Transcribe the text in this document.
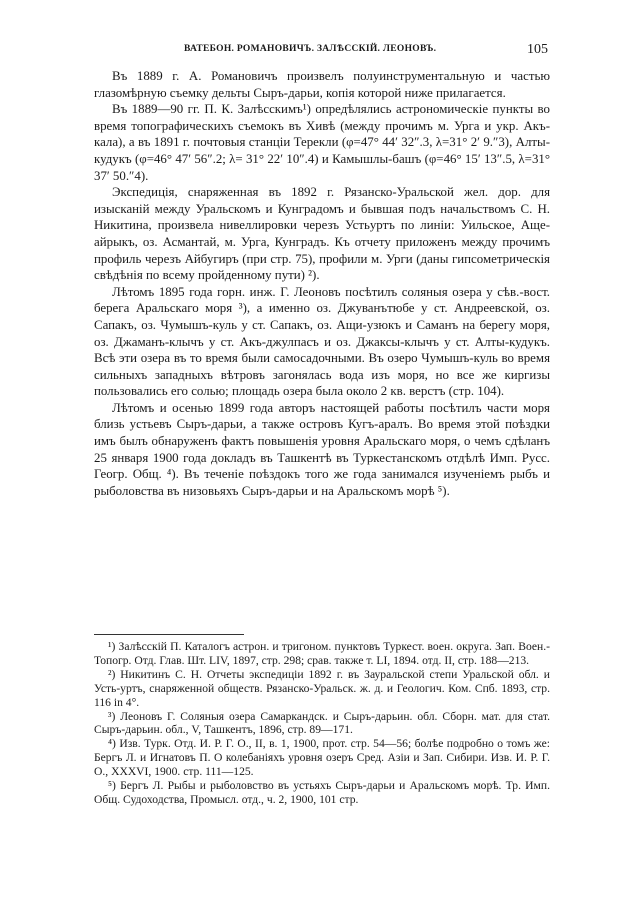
ВАТЕБОН. РОМАНОВИЧЪ. ЗАЛѢССКІЙ. ЛЕОНОВЪ.	105

Въ 1889 г. А. Романовичъ произвелъ полуинструментальную и частью глазомѣрную съемку дельты Сыръ-дарьи, копія которой ниже прилагается.

Въ 1889—90 гг. П. К. Залѣсскимъ¹) опредѣлялись астрономическіе пункты во время топографическихъ съемокъ въ Хивѣ (между прочимъ м. Урга и укр. Акъ-кала), а въ 1891 г. почтовыя станціи Терекли (φ=47° 44′ 32″.3, λ=31° 2′ 9.″3), Алты-кудукъ (φ=46° 47′ 56″.2; λ= 31° 22′ 10″.4) и Камышлы-башъ (φ=46° 15′ 13″.5, λ=31° 37′ 50.″4).

Экспедиція, снаряженная въ 1892 г. Рязанско-Уральской жел. дор. для изысканій между Уральскомъ и Кунградомъ и бывшая подъ начальствомъ С. Н. Никитина, произвела нивеллировки черезъ Устьуртъ по линіи: Уильское, Аще-айрыкъ, оз. Асмантай, м. Урга, Кунградъ. Къ отчету приложенъ между прочимъ профиль черезъ Айбугиръ (при стр. 75), профили м. Урги (даны гипсометрическія свѣдѣнія по всему пройденному пути) ²).

Лѣтомъ 1895 года горн. инж. Г. Леоновъ посѣтилъ соляныя озера у сѣв.-вост. берега Аральскаго моря ³), а именно оз. Джуванътюбе у ст. Андреевской, оз. Сапакъ, оз. Чумышъ-куль у ст. Сапакъ, оз. Ащи-узюкъ и Саманъ на берегу моря, оз. Джаманъ-клычъ у ст. Акъ-джулпасъ и оз. Джаксы-клычъ у ст. Алты-кудукъ. Всѣ эти озера въ то время были самосадочными. Въ озеро Чумышъ-куль во время сильныхъ западныхъ вѣтровъ загонялась вода изъ моря, но все же киргизы пользовались его солью; площадь озера была около 2 кв. верстъ (стр. 104).

Лѣтомъ и осенью 1899 года авторъ настоящей работы посѣтилъ части моря близь устьевъ Сыръ-дарьи, а также островъ Кугъ-аралъ. Во время этой поѣздки имъ былъ обнаруженъ фактъ повышенія уровня Аральскаго моря, о чемъ сдѣланъ 25 января 1900 года докладъ въ Ташкентѣ въ Туркестанскомъ отдѣлѣ Имп. Русс. Геогр. Общ. ⁴). Въ теченіе поѣздокъ того же года занимался изученіемъ рыбъ и рыболовства въ низовьяхъ Сыръ-дарьи и на Аральскомъ морѣ ⁵).

¹) Залѣсскій П. Каталогъ астрон. и тригоном. пунктовъ Туркест. воен. округа. Зап. Воен.-Топогр. Отд. Глав. Шт. LIV, 1897, стр. 298; срав. также т. LI, 1894. отд. II, стр. 188—213.

²) Никитинъ С. Н. Отчеты экспедиціи 1892 г. въ Зауральской степи Уральской обл. и Усть-уртъ, снаряженной обществ. Рязанско-Уральск. ж. д. и Геологич. Ком. Спб. 1893, стр. 116 in 4°.

³) Леоновъ Г. Соляныя озера Самаркандск. и Сыръ-дарьин. обл. Сборн. мат. для стат. Сыръ-дарьин. обл., V, Ташкентъ, 1896, стр. 89—171.

⁴) Изв. Турк. Отд. И. Р. Г. О., II, в. 1, 1900, прот. стр. 54—56; болѣе подробно о томъ же: Бергъ Л. и Игнатовъ П. О колебаніяхъ уровня озеръ Сред. Азіи и Зап. Сибири. Изв. И. Р. Г. О., XXXVI, 1900. стр. 111—125.

⁵) Бергъ Л. Рыбы и рыболовство въ устьяхъ Сыръ-дарьи и Аральскомъ морѣ. Тр. Имп. Общ. Судоходства, Промысл. отд., ч. 2, 1900, 101 стр.
